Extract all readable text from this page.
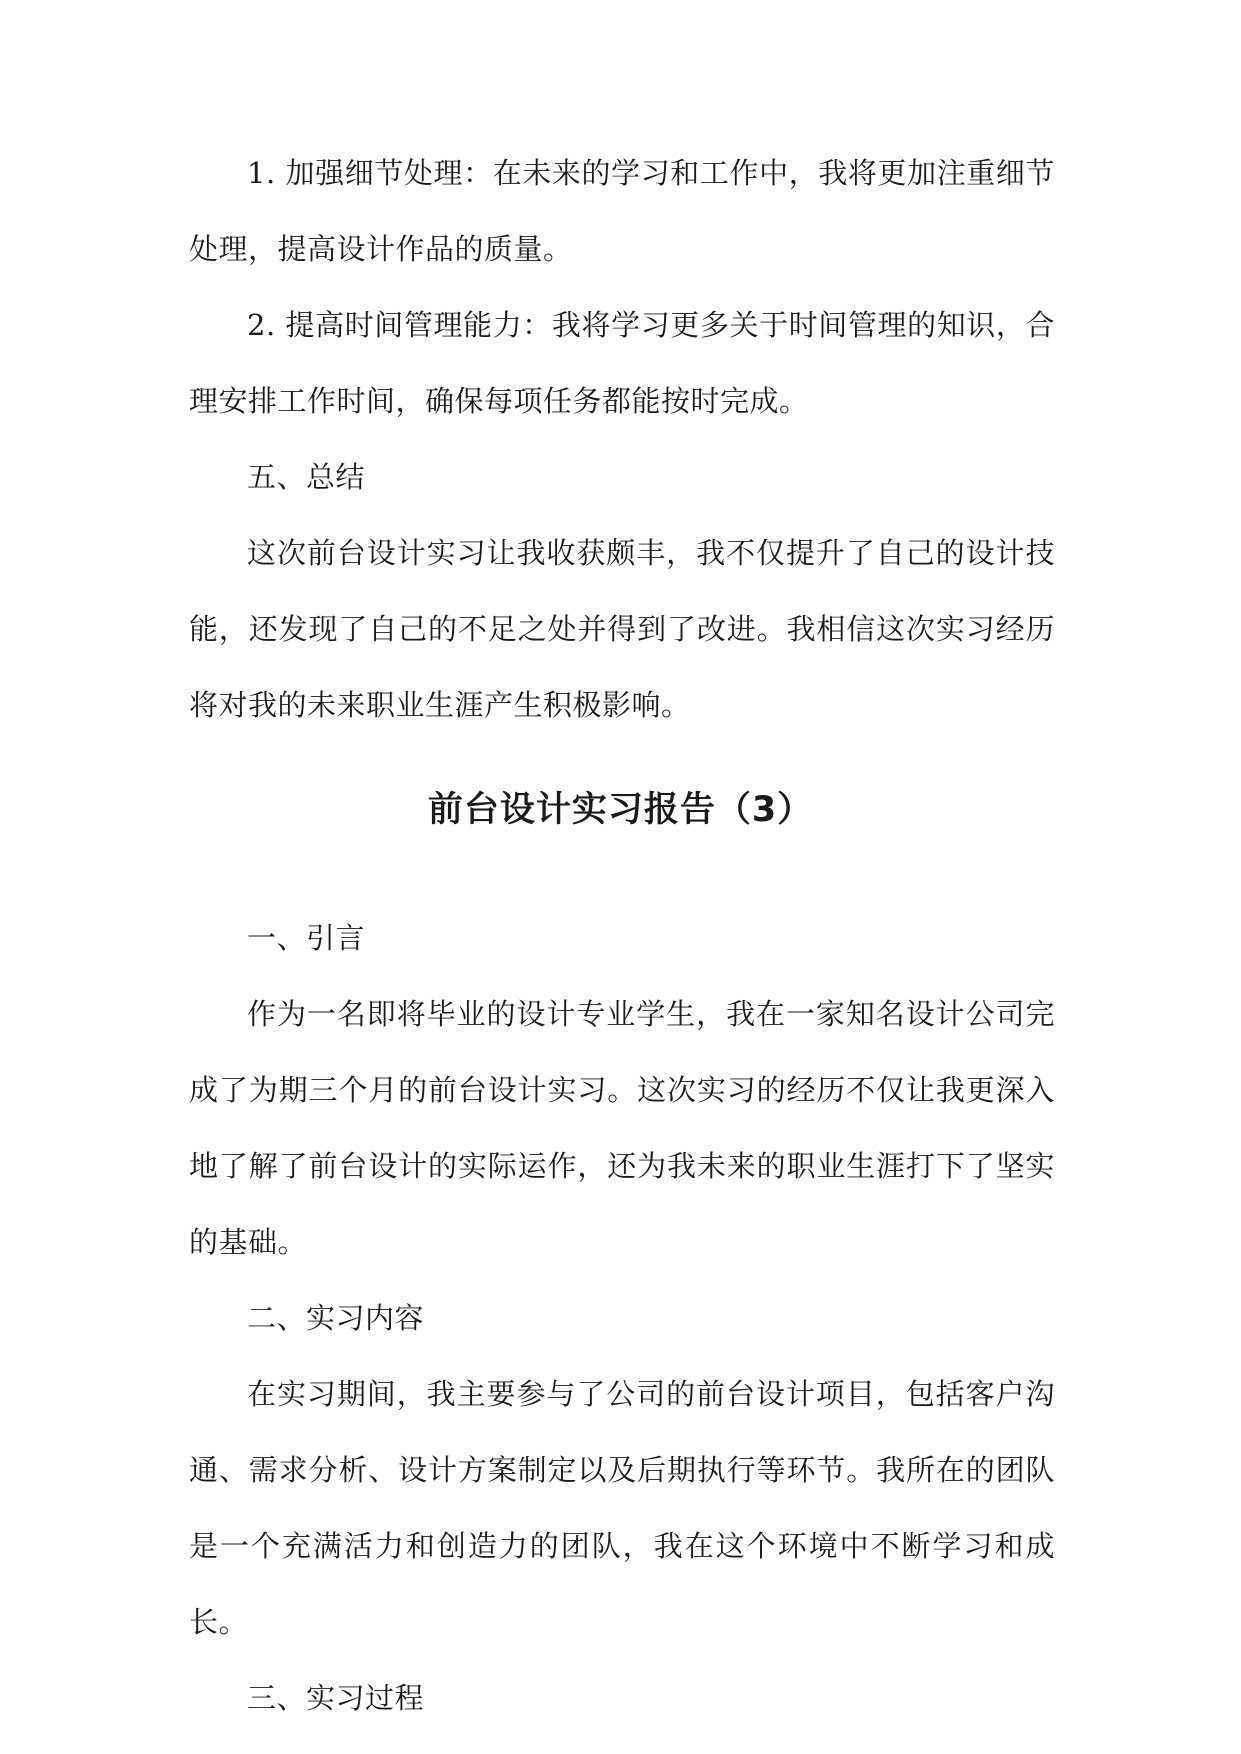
1. 加强细节处理：在未来的学习和工作中，我将更加注重细节处理，提高设计作品的质量。

2. 提高时间管理能力：我将学习更多关于时间管理的知识，合理安排工作时间，确保每项任务都能按时完成。

五、总结

这次前台设计实习让我收获颇丰，我不仅提升了自己的设计技能，还发现了自己的不足之处并得到了改进。我相信这次实习经历将对我的未来职业生涯产生积极影响。

前台设计实习报告（3）

一、引言

作为一名即将毕业的设计专业学生，我在一家知名设计公司完成了为期三个月的前台设计实习。这次实习的经历不仅让我更深入地了解了前台设计的实际运作，还为我未来的职业生涯打下了坚实的基础。

二、实习内容

在实习期间，我主要参与了公司的前台设计项目，包括客户沟通、需求分析、设计方案制定以及后期执行等环节。我所在的团队是一个充满活力和创造力的团队，我在这个环境中不断学习和成长。

三、实习过程
